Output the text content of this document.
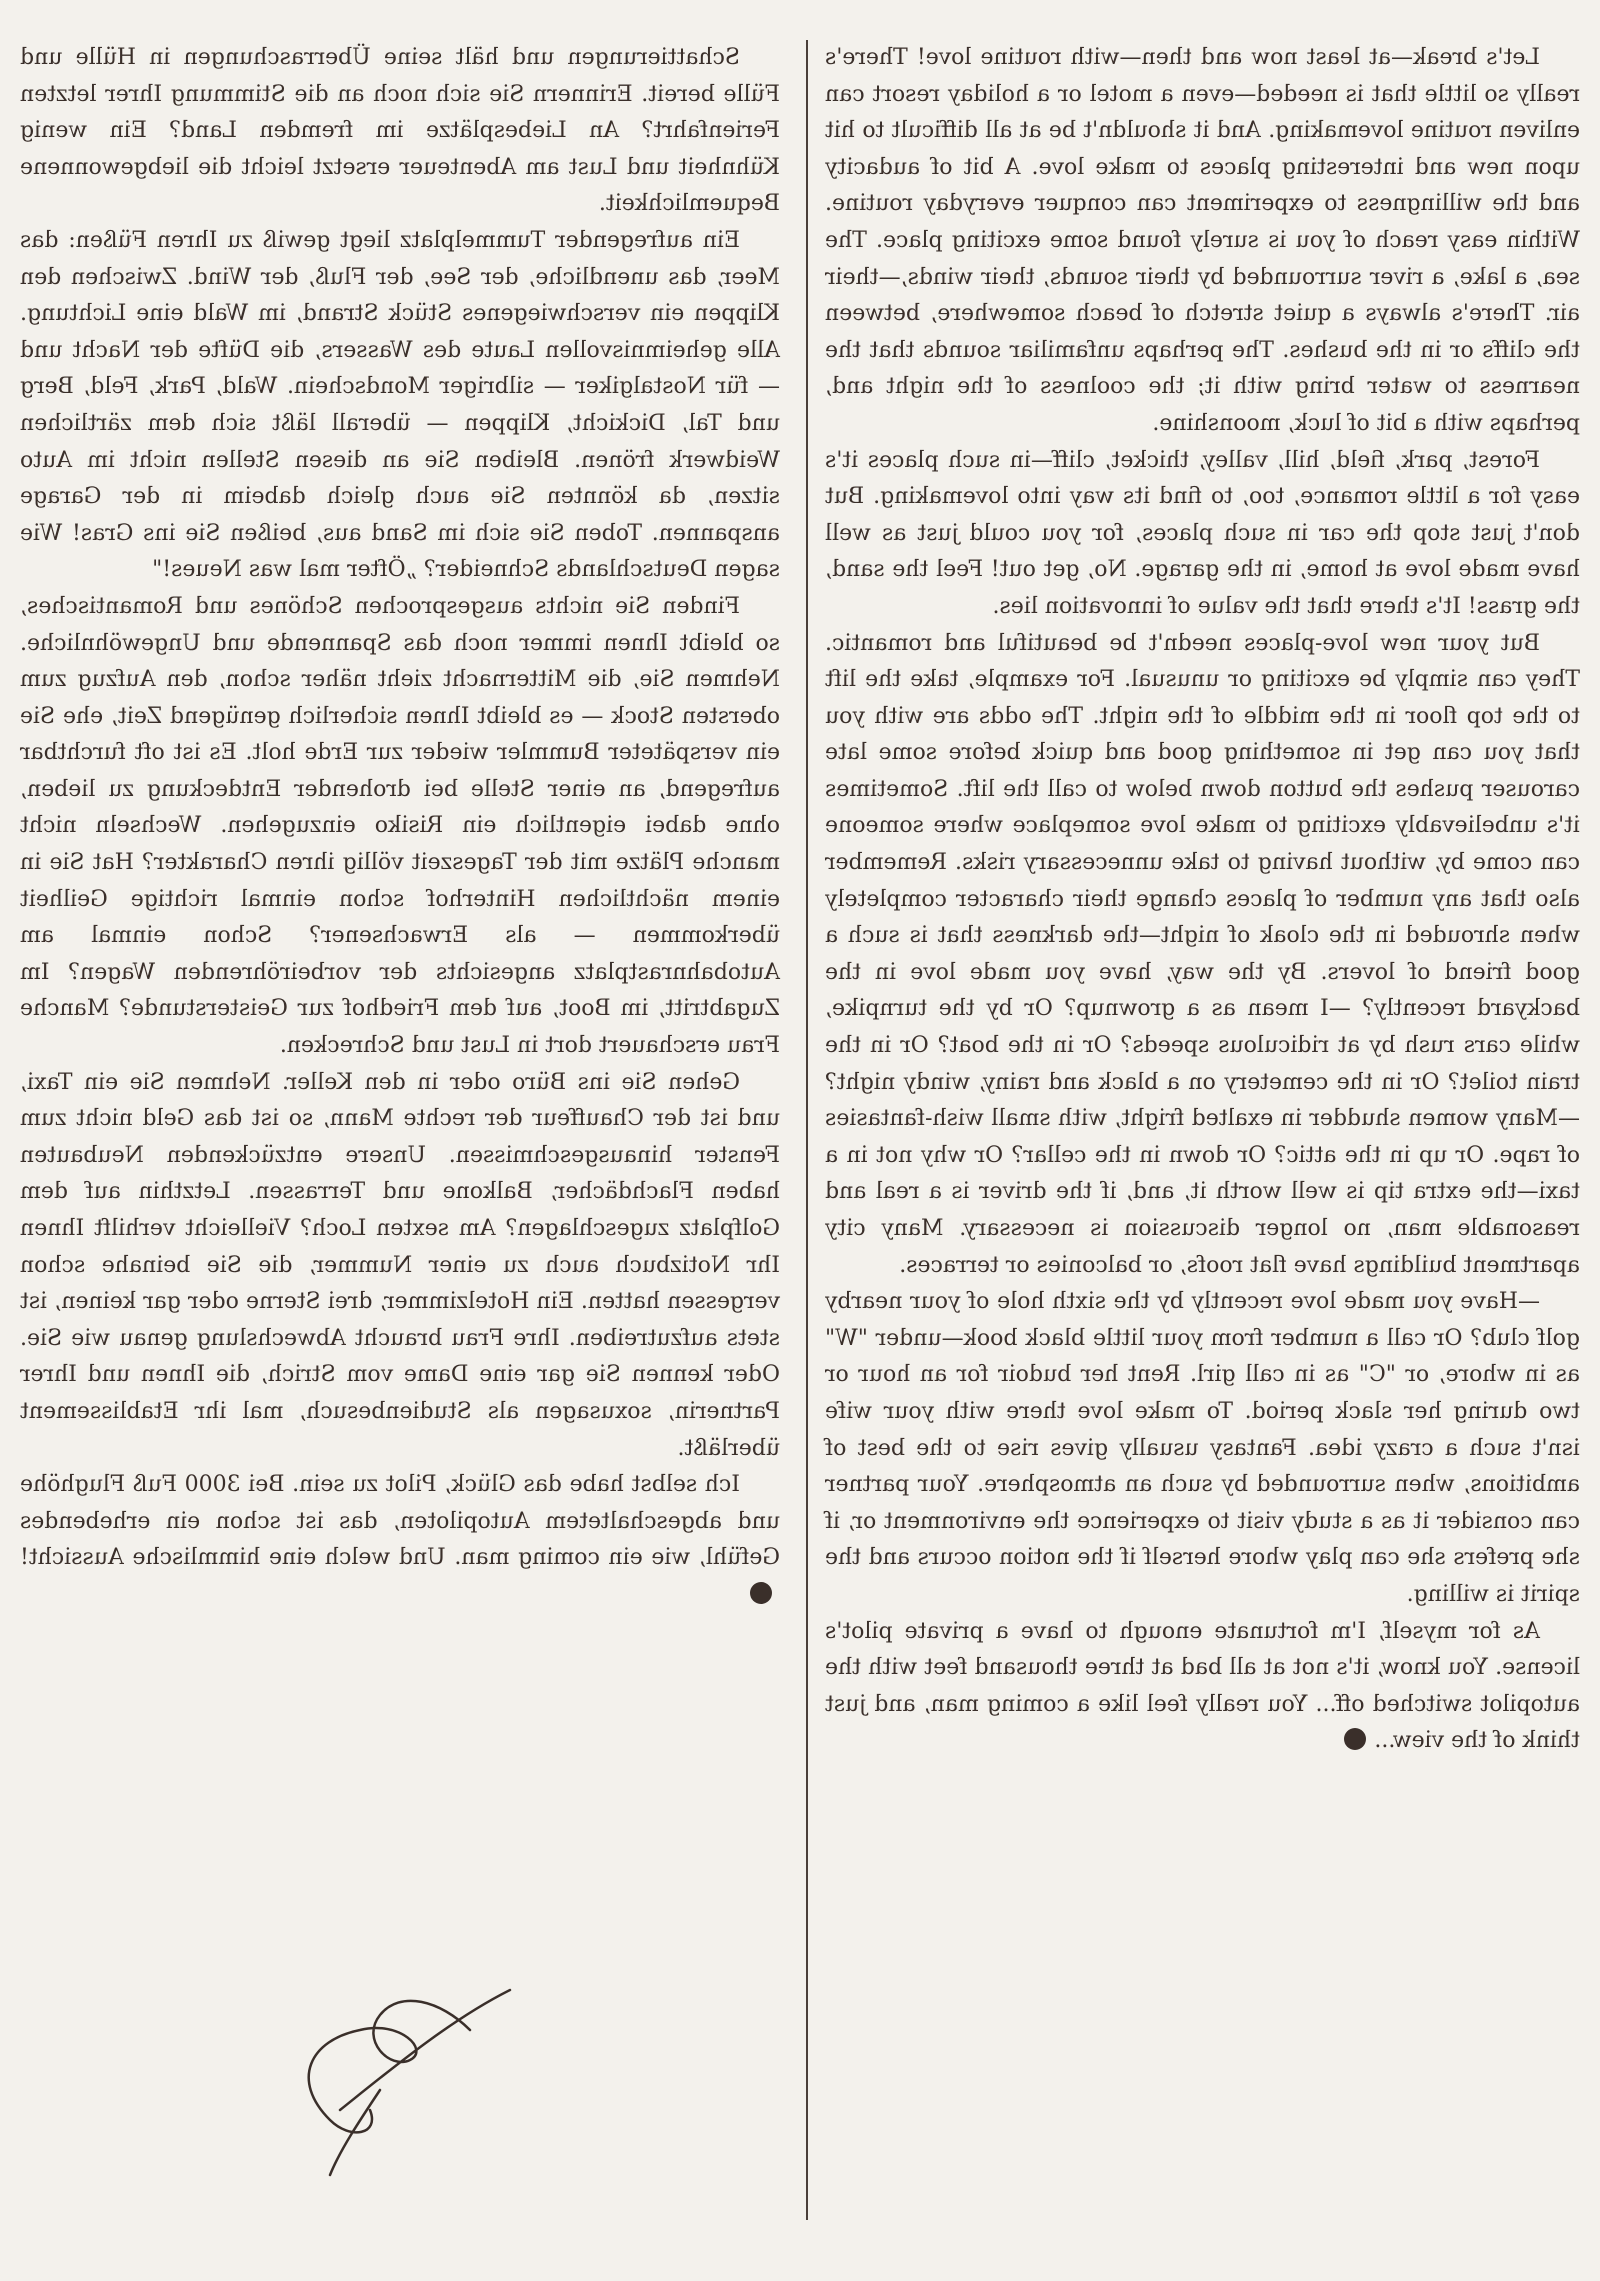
Schattierungen und hält seine Überraschungen in Hülle und Fülle bereit. Erinnern Sie sich noch an die Stimmung Ihrer letzten Ferienfahrt? An Liebesplätze im fremden Land? Ein wenig Kühnheit und Lust am Abenteuer ersetzt leicht die liebgewonnene Bequemlichkeit.

Ein aufregender Tummelplatz liegt gewiß zu Ihren Füßen: das Meer, das unendliche, der See, der Fluß, der Wind. Zwischen den Klippen ein verschwiegenes Stück Strand, im Wald eine Lichtung. Alle geheimnisvollen Laute des Wassers, die Düfte der Nacht und — für Nostalgiker — silbriger Mondschein. Wald, Park, Feld, Berg und Tal, Dickicht, Klippen — überall läßt sich dem zärtlichen Weidwerk frönen. Bleiben Sie an diesen Stellen nicht im Auto sitzen, da könnten Sie auch gleich dabeim in der Garage anspannen. Toben Sie sich im Sand aus, beißen Sie ins Gras! Wie sagen Deutschlands Schneider? „Öfter mal was Neues!"

Finden Sie nichts ausgesprochen Schönes und Romantisches, so bleibt Ihnen immer noch das Spannende und Ungewöhnliche. Nehmen Sie, die Mitternacht zieht näher schon, den Aufzug zum obersten Stock — es bleibt Ihnen sicherlich genügend Zeit, ehe Sie ein verspäteter Bummler wieder zur Erde holt. Es ist oft furchtbar aufregend, an einer Stelle bei drohender Entdeckung zu lieben, ohne dabei eigentlich ein Risiko einzugehen. Wechseln nicht manche Plätze mit der Tageszeit völlig ihren Charakter? Hat Sie in einem nächtlichen Hinterhof schon einmal richtige Geilheit überkommen — als Erwachsener? Schon einmal am Autobahnrastplatz angesichts der vorbeiröhrenden Wagen? Im Zugabtritt, im Boot, auf dem Friedhof zur Geisterstunde? Manche Frau erschauert dort in Lust und Schrecken.

Gehen Sie ins Büro oder in den Keller. Nehmen Sie ein Taxi, und ist der Chauffeur der rechte Mann, so ist das Geld nicht zum Fenster hinausgeschmissen. Unsere entzückenden Neubauten haben Flachdächer, Balkone und Terrassen. Letzthin auf dem Golfplatz zugeschlagen? Am sexten Loch? Vielleicht verhilft Ihnen Ihr Notizbuch auch zu einer Nummer, die Sie beinahe schon vergessen hatten. Ein Hotelzimmer, drei Sterne oder gar keinen, ist stets aufzutreiben. Ihre Frau braucht Abwechslung genau wie Sie. Oder kennen Sie gar eine Dame vom Strich, die Ihnen und Ihrer Partnerin, soxusagen als Studienbesuch, mal ihr Etablissement überläßt.

Ich selbst habe das Glück, Pilot zu sein. Bei 3000 Fuß Flughöhe und abgeschaltetem Autopiloten, das ist schon ein erhebendes Gefühl, wie ein coming man. Und welch eine himmlische Aussicht!

Let's break—at least now and then—with routine love! There's really so little that is needed—even a motel or a holiday resort can enliven routine lovemaking. And it shouldn't be at all difficult to hit upon new and interesting places to make love. A bit of audacity and the willingness to experiment can conquer everyday routine. Within easy reach of you is surely found some exciting place. The sea, a lake, a river surrounded by their sounds, their winds,—their air. There's always a quiet stretch of beach somewhere, between the cliffs or in the bushes. The perhaps unfamiliar sounds that the nearness to water bring with it; the coolness of the night and, perhaps with a bit of luck, moonshine.

Forest, park, field, hill, valley, thicket, cliff—in such places it's easy for a little romance, too, to find its way into lovemaking. But don't just stop the car in such places, for you could just as well have made love at home, in the garage. No, get out! Feel the sand, the grass! It's there that the value of innovation lies.

But your new love-places needn't be beautiful and romantic. They can simply be exciting or unusual. For example, take the lift to the top floor in the middle of the night. The odds are with you that you can get in something good and quick before some late carouser pushes the button down below to call the lift. Sometimes it's unbelievably exciting to make love someplace where someone can come by, without having to take unnecessary risks. Remember also that any number of places change their character completely when shrouded in the cloak of night—the darkness that is such a good friend of lovers. By the way, have you made love in the backyard recently? —I mean as a grownup? Or by the turnpike, while cars rush by at ridiculous speeds? Or in the boat? Or in the train toilet? Or in the cemetery on a black and rainy, windy night?—Many women shudder in exalted fright, with small wish-fantasies of rape. Or up in the attic? Or down in the cellar? Or why not in a taxi—the extra tip is well worth it, and, if the driver is a real and reasonable man, no longer discussion is necessary. Many city apartment buildings have flat roofs, or balconies or terraces.

—Have you made love recently by the sixth hole of your nearby golf club? Or call a number from your little black book—under "W" as in whore, or "C" as in call girl. Rent her budoir for an hour or two during her slack period. To make love there with your wife isn't such a crazy idea. Fantasy usually gives rise to the best of ambitions, when surrounded by such an atmosphere. Your partner can consider it as a study visit to experience the environment or, if she prefers she can play whore herself if the notion occurs and the spirit is willing.

As for myself, I'm fortunate enough to have a private pilot's license. You know, it's not at all bad at three thousand feet with the autopilot switched off... You really feel like a coming man, and just think of the view...
